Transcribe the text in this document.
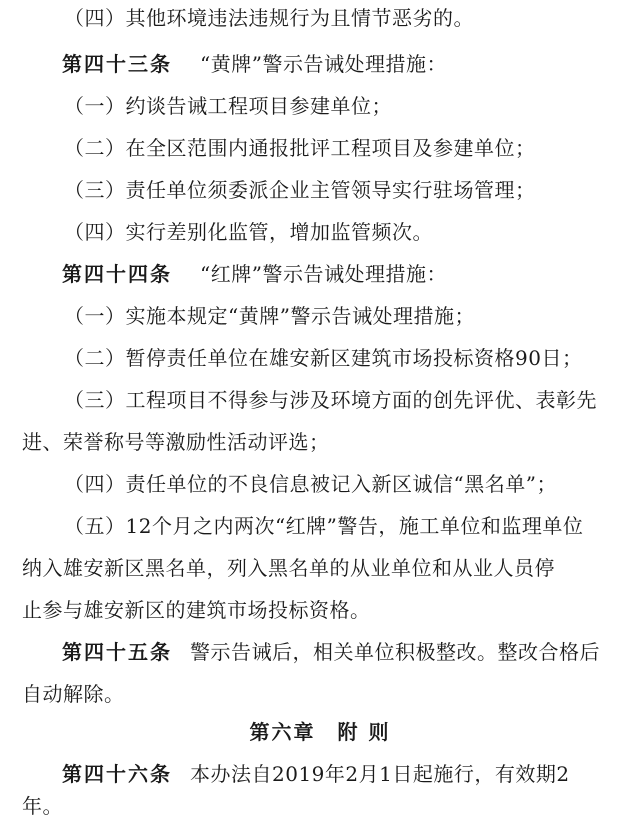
（四）其他环境违法违规行为且情节恶劣的。
第四十三条 “黄牌”警示告诫处理措施：
（一）约谈告诫工程项目参建单位；
（二）在全区范围内通报批评工程项目及参建单位；
（三）责任单位须委派企业主管领导实行驻场管理；
（四）实行差别化监管，增加监管频次。
第四十四条 “红牌”警示告诫处理措施：
（一）实施本规定“黄牌”警示告诫处理措施；
（二）暂停责任单位在雄安新区建筑市场投标资格90日；
（三）工程项目不得参与涉及环境方面的创先评优、表彰先
进、荣誉称号等激励性活动评选；
（四）责任单位的不良信息被记入新区诚信“黑名单”；
（五）12个月之内两次“红牌”警告，施工单位和监理单位
纳入雄安新区黑名单，列入黑名单的从业单位和从业人员停
止参与雄安新区的建筑市场投标资格。
第四十五条 警示告诫后，相关单位积极整改。整改合格后
自动解除。
第六章　附 则
第四十六条 本办法自2019年2月1日起施行，有效期2
年。
